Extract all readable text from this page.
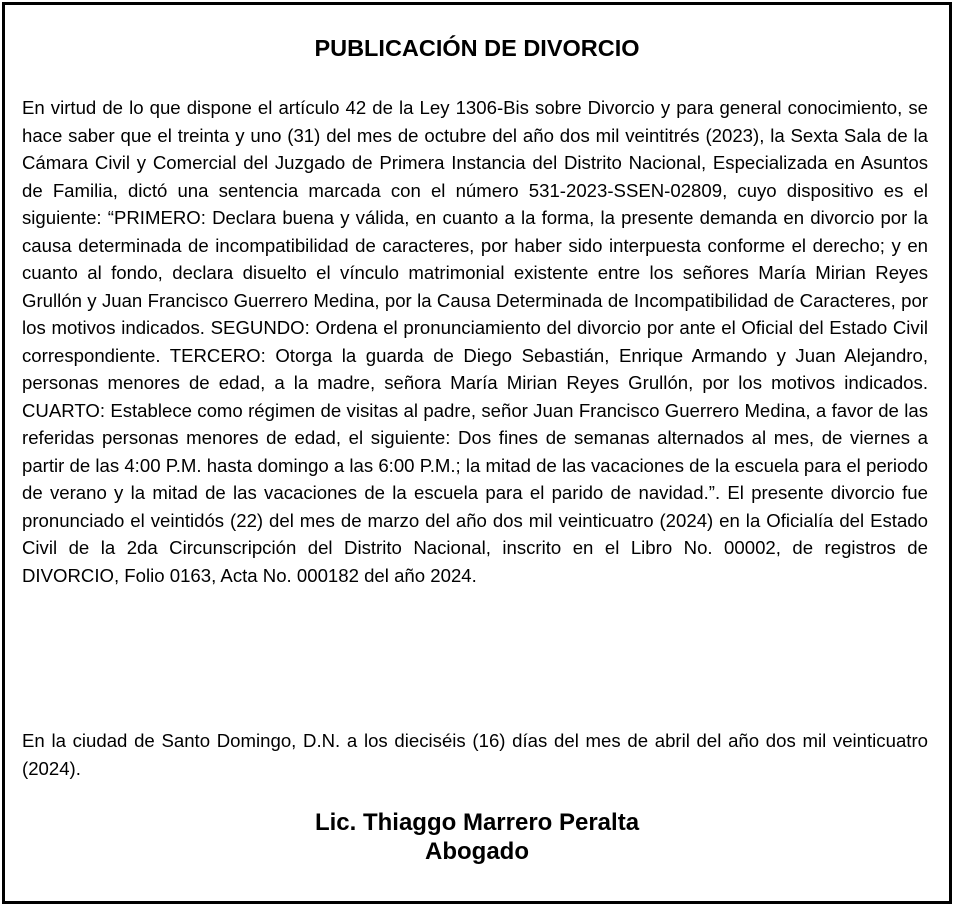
PUBLICACIÓN DE DIVORCIO

En virtud de lo que dispone el artículo 42 de la Ley 1306-Bis sobre Divorcio y para general conocimiento, se hace saber que el treinta y uno (31) del mes de octubre del año dos mil veintitrés (2023), la Sexta Sala de la Cámara Civil y Comercial del Juzgado de Primera Instancia del Distrito Nacional, Especializada en Asuntos de Familia, dictó una sentencia marcada con el número 531-2023-SSEN-02809, cuyo dispositivo es el siguiente: “PRIMERO: Declara buena y válida, en cuanto a la forma, la presente demanda en divorcio por la causa determinada de incompatibilidad de caracteres, por haber sido interpuesta conforme el derecho; y en cuanto al fondo, declara disuelto el vínculo matrimonial existente entre los señores María Mirian Reyes Grullón y Juan Francisco Guerrero Medina, por la Causa Determinada de Incompatibilidad de Caracteres, por los motivos indicados. SEGUNDO: Ordena el pronunciamiento del divorcio por ante el Oficial del Estado Civil correspondiente. TERCERO: Otorga la guarda de Diego Sebastián, Enrique Armando y Juan Alejandro, personas menores de edad, a la madre, señora María Mirian Reyes Grullón, por los motivos indicados. CUARTO: Establece como régimen de visitas al padre, señor Juan Francisco Guerrero Medina, a favor de las referidas personas menores de edad, el siguiente: Dos fines de semanas alternados al mes, de viernes a partir de las 4:00 P.M. hasta domingo a las 6:00 P.M.; la mitad de las vacaciones de la escuela para el periodo de verano y la mitad de las vacaciones de la escuela para el parido de navidad.”. El presente divorcio fue pronunciado el veintidós (22) del mes de marzo del año dos mil veinticuatro (2024) en la Oficialía del Estado Civil de la 2da Circunscripción del Distrito Nacional, inscrito en el Libro No. 00002, de registros de DIVORCIO, Folio 0163, Acta No. 000182 del año 2024.

En la ciudad de Santo Domingo, D.N. a los dieciséis (16) días del mes de abril del año dos mil veinticuatro (2024).

Lic. Thiaggo Marrero Peralta
Abogado
